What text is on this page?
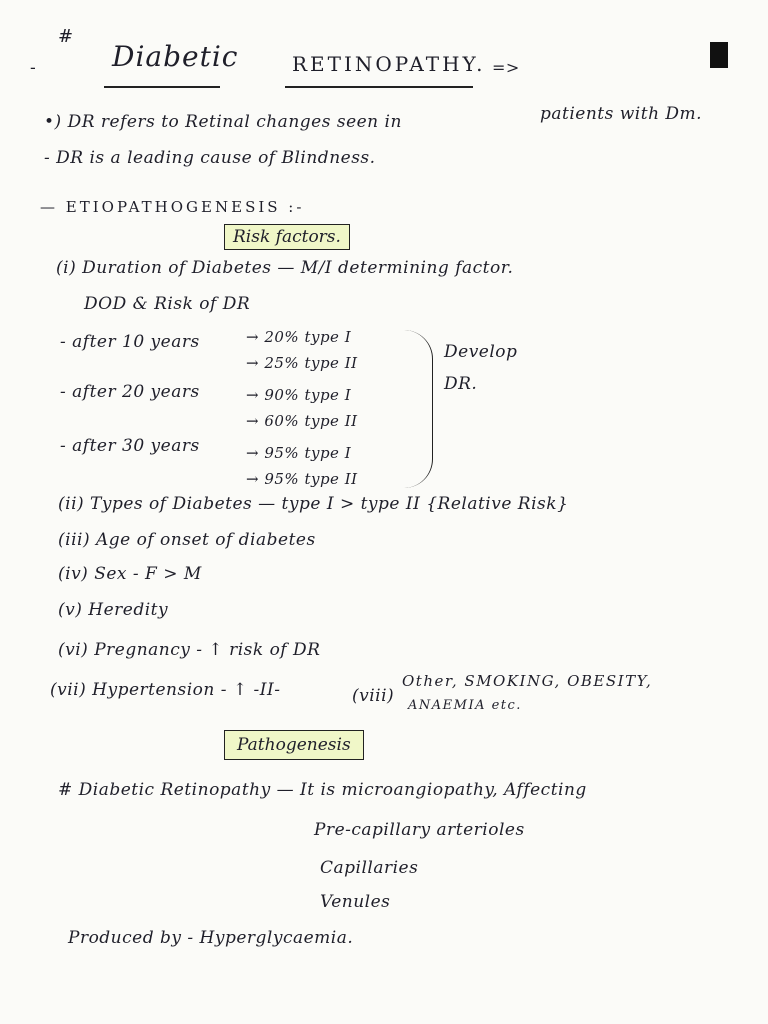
#
-	Diabetic	RETINOPATHY. =>
•) DR refers to Retinal changes seen in	patients with Dm.
- DR is a leading cause of Blindness.
— ETIOPATHOGENESIS :-
Risk factors.
(i) Duration of Diabetes — M/I determining factor.
DOD & Risk of DR
- after 10 years	→ 20% type I
→ 25% type II
- after 20 years	→ 90% type I
→ 60% type II
- after 30 years	→ 95% type I
→ 95% type II
Develop
DR.
(ii) Types of Diabetes — type I > type II {Relative Risk}
(iii) Age of onset of diabetes
(iv) Sex - F > M
(v) Heredity
(vi) Pregnancy - ↑ risk of DR
(vii) Hypertension - ↑ -II-	(viii)
Other, SMOKING, OBESITY,
ANAEMIA etc.
Pathogenesis
# Diabetic Retinopathy — It is microangiopathy, Affecting
Pre-capillary arterioles
Capillaries
Venules
Produced by - Hyperglycaemia.
